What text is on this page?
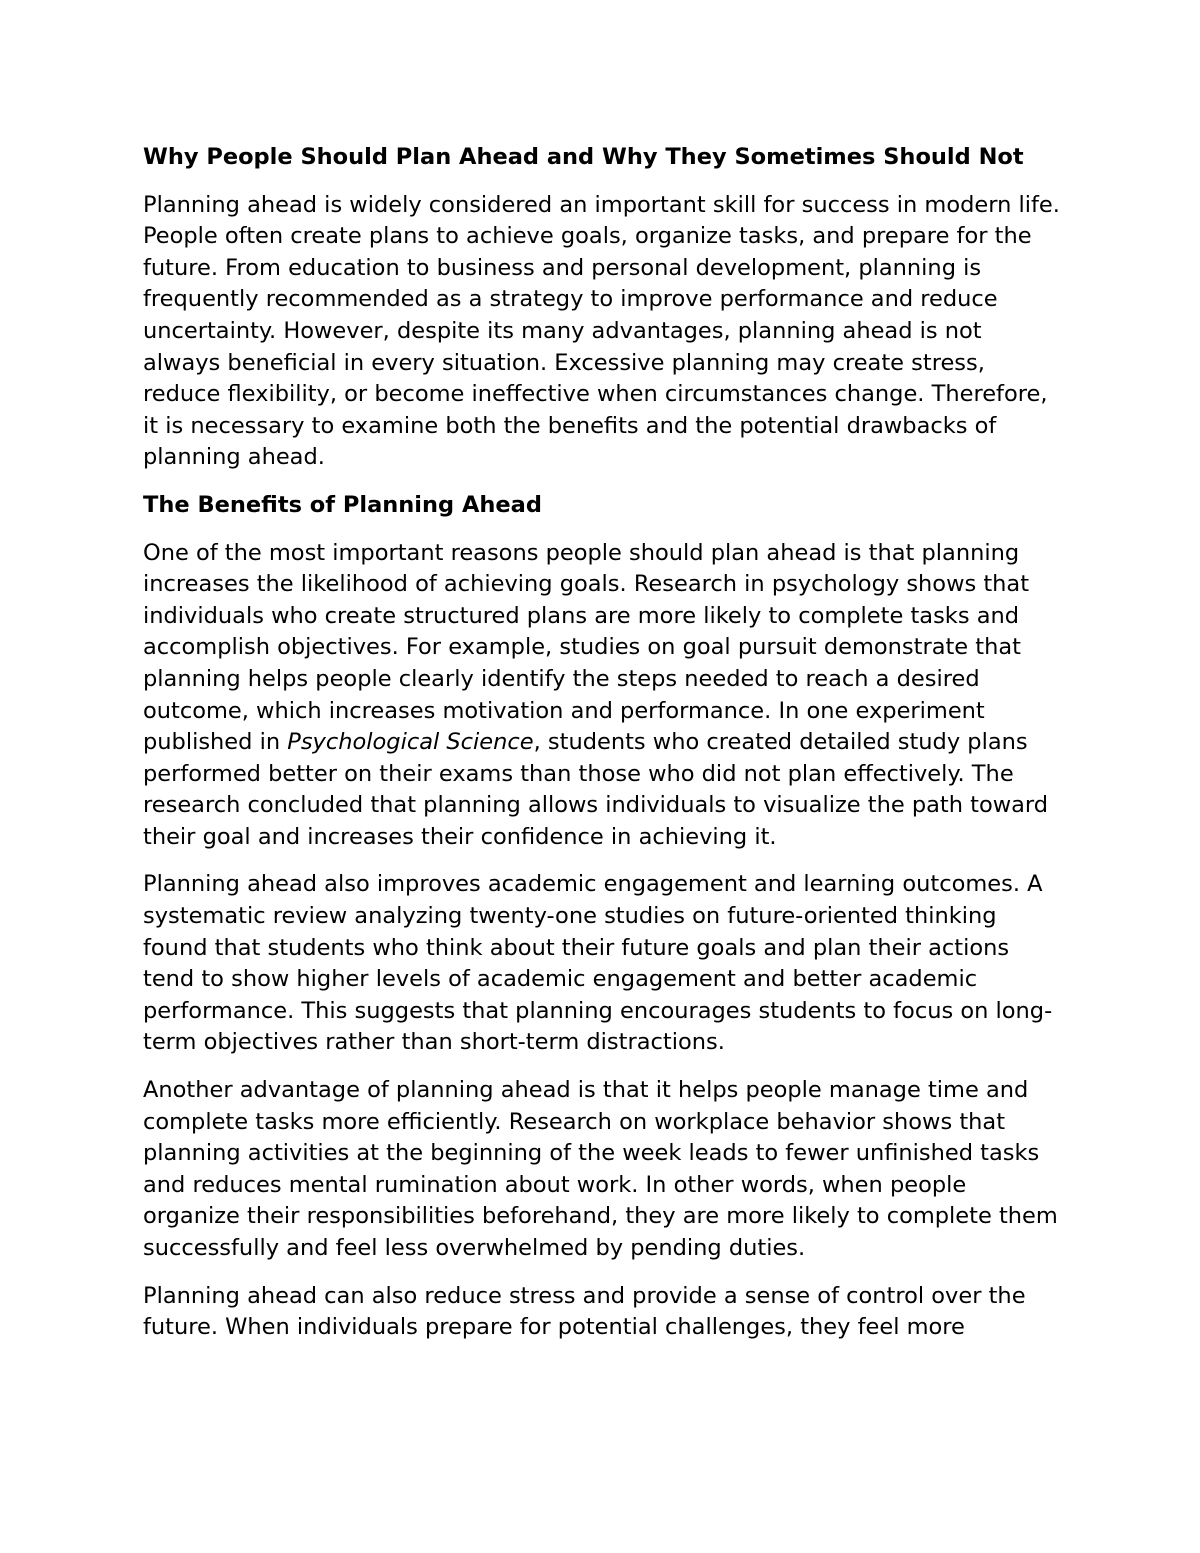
Why People Should Plan Ahead and Why They Sometimes Should Not

Planning ahead is widely considered an important skill for success in modern life. People often create plans to achieve goals, organize tasks, and prepare for the future. From education to business and personal development, planning is frequently recommended as a strategy to improve performance and reduce uncertainty. However, despite its many advantages, planning ahead is not always beneficial in every situation. Excessive planning may create stress, reduce flexibility, or become ineffective when circumstances change. Therefore, it is necessary to examine both the benefits and the potential drawbacks of planning ahead.

The Benefits of Planning Ahead

One of the most important reasons people should plan ahead is that planning increases the likelihood of achieving goals. Research in psychology shows that individuals who create structured plans are more likely to complete tasks and accomplish objectives. For example, studies on goal pursuit demonstrate that planning helps people clearly identify the steps needed to reach a desired outcome, which increases motivation and performance. In one experiment published in Psychological Science, students who created detailed study plans performed better on their exams than those who did not plan effectively. The research concluded that planning allows individuals to visualize the path toward their goal and increases their confidence in achieving it.

Planning ahead also improves academic engagement and learning outcomes. A systematic review analyzing twenty-one studies on future-oriented thinking found that students who think about their future goals and plan their actions tend to show higher levels of academic engagement and better academic performance. This suggests that planning encourages students to focus on long-term objectives rather than short-term distractions.

Another advantage of planning ahead is that it helps people manage time and complete tasks more efficiently. Research on workplace behavior shows that planning activities at the beginning of the week leads to fewer unfinished tasks and reduces mental rumination about work. In other words, when people organize their responsibilities beforehand, they are more likely to complete them successfully and feel less overwhelmed by pending duties.

Planning ahead can also reduce stress and provide a sense of control over the future. When individuals prepare for potential challenges, they feel more
